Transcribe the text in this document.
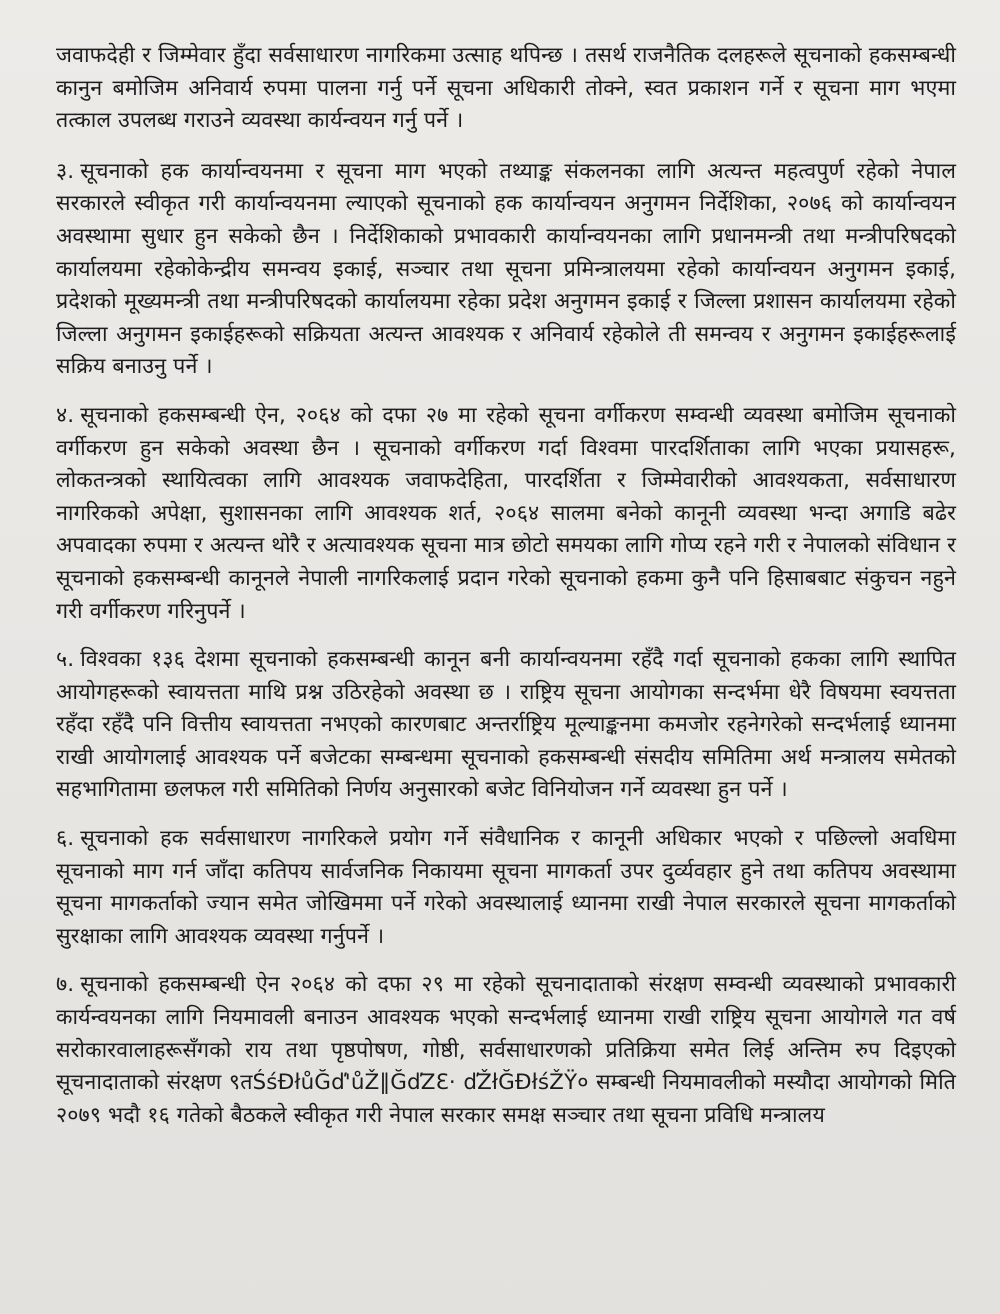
जवाफदेही र जिम्मेवार हुँदा सर्वसाधारण नागरिकमा उत्साह थपिन्छ । तसर्थ राजनैतिक दलहरूले सूचनाको हकसम्बन्धी कानुन बमोजिम अनिवार्य रुपमा पालना गर्नु पर्ने सूचना अधिकारी तोक्ने, स्वत प्रकाशन गर्ने र सूचना माग भएमा तत्काल उपलब्ध गराउने व्यवस्था कार्यन्वयन गर्नु पर्ने ।

३. सूचनाको हक कार्यान्वयनमा र सूचना माग भएको तथ्याङ्क संकलनका लागि अत्यन्त महत्वपुर्ण रहेको नेपाल सरकारले स्वीकृत गरी कार्यान्वयनमा ल्याएको सूचनाको हक कार्यान्वयन अनुगमन निर्देशिका, २०७६ को कार्यान्वयन अवस्थामा सुधार हुन सकेको छैन । निर्देशिकाको प्रभावकारी कार्यान्वयनका लागि प्रधानमन्त्री तथा मन्त्रीपरिषदको कार्यालयमा रहेकोकेन्द्रीय समन्वय इकाई, सञ्चार तथा सूचना प्रमिन्त्रालयमा रहेको कार्यान्वयन अनुगमन इकाई, प्रदेशको मूख्यमन्त्री तथा मन्त्रीपरिषदको कार्यालयमा रहेका प्रदेश अनुगमन इकाई र जिल्ला प्रशासन कार्यालयमा रहेको जिल्ला अनुगमन इकाईहरूको सक्रियता अत्यन्त आवश्यक र अनिवार्य रहेकोले ती समन्वय र अनुगमन इकाईहरूलाई सक्रिय बनाउनु पर्ने ।

४. सूचनाको हकसम्बन्धी ऐन, २०६४ को दफा २७ मा रहेको सूचना वर्गीकरण सम्वन्धी व्यवस्था बमोजिम सूचनाको वर्गीकरण हुन सकेको अवस्था छैन । सूचनाको वर्गीकरण गर्दा विश्वमा पारदर्शिताका लागि भएका प्रयासहरू, लोकतन्त्रको स्थायित्वका लागि आवश्यक जवाफदेहिता, पारदर्शिता र जिम्मेवारीको आवश्यकता, सर्वसाधारण नागरिकको अपेक्षा, सुशासनका लागि आवश्यक शर्त, २०६४ सालमा बनेको कानूनी व्यवस्था भन्दा अगाडि बढेर अपवादका रुपमा र अत्यन्त थोरै र अत्यावश्यक सूचना मात्र छोटो समयका लागि गोप्य रहने गरी र नेपालको संविधान र सूचनाको हकसम्बन्धी कानूनले नेपाली नागरिकलाई प्रदान गरेको सूचनाको हकमा कुनै पनि हिसाबबाट संकुचन नहुने गरी वर्गीकरण गरिनुपर्ने ।

५. विश्वका १३६ देशमा सूचनाको हकसम्बन्धी कानून बनी कार्यान्वयनमा रहँदै गर्दा सूचनाको हकका लागि स्थापित आयोगहरूको स्वायत्तता माथि प्रश्न उठिरहेको अवस्था छ । राष्ट्रिय सूचना आयोगका सन्दर्भमा धेरै विषयमा स्वयत्तता रहँदा रहँदै पनि वित्तीय स्वायत्तता नभएको कारणबाट अन्तर्राष्ट्रिय मूल्याङ्कनमा कमजोर रहनेगरेको सन्दर्भलाई ध्यानमा राखी आयोगलाई आवश्यक पर्ने बजेटका सम्बन्धमा सूचनाको हकसम्बन्धी संसदीय समितिमा अर्थ मन्त्रालय समेतको सहभागितामा छलफल गरी समितिको निर्णय अनुसारको बजेट विनियोजन गर्ने व्यवस्था हुन पर्ने ।

६. सूचनाको हक सर्वसाधारण नागरिकले प्रयोग गर्ने संवैधानिक र कानूनी अधिकार भएको र पछिल्लो अवधिमा सूचनाको माग गर्न जाँदा कतिपय सार्वजनिक निकायमा सूचना मागकर्ता उपर दुर्व्यवहार हुने तथा कतिपय अवस्थामा सूचना मागकर्ताको ज्यान समेत जोखिममा पर्ने गरेको अवस्थालाई ध्यानमा राखी नेपाल सरकारले सूचना मागकर्ताको सुरक्षाका लागि आवश्यक व्यवस्था गर्नुपर्ने ।

७. सूचनाको हकसम्बन्धी ऐन २०६४ को दफा २९ मा रहेको सूचनादाताको संरक्षण सम्वन्धी व्यवस्थाको प्रभावकारी कार्यन्वयनका लागि नियमावली बनाउन आवश्यक भएको सन्दर्भलाई ध्यानमा राखी राष्ट्रिय सूचना आयोगले गत वर्ष सरोकारवालाहरूसँगको राय तथा पृष्ठपोषण, गोष्ठी, सर्वसाधारणको प्रतिक्रिया समेत लिई अन्तिम रुप दिइएको सूचनादाताको संरक्षण ९तŚśĐłůĞď'ůŽ‖ĞďZƐ· ďŽłĞĐłśŽŸ० सम्बन्धी नियमावलीको मस्यौदा आयोगको मिति २०७९ भदौ १६ गतेको बैठकले स्वीकृत गरी नेपाल सरकार समक्ष सञ्चार तथा सूचना प्रविधि मन्त्रालय
